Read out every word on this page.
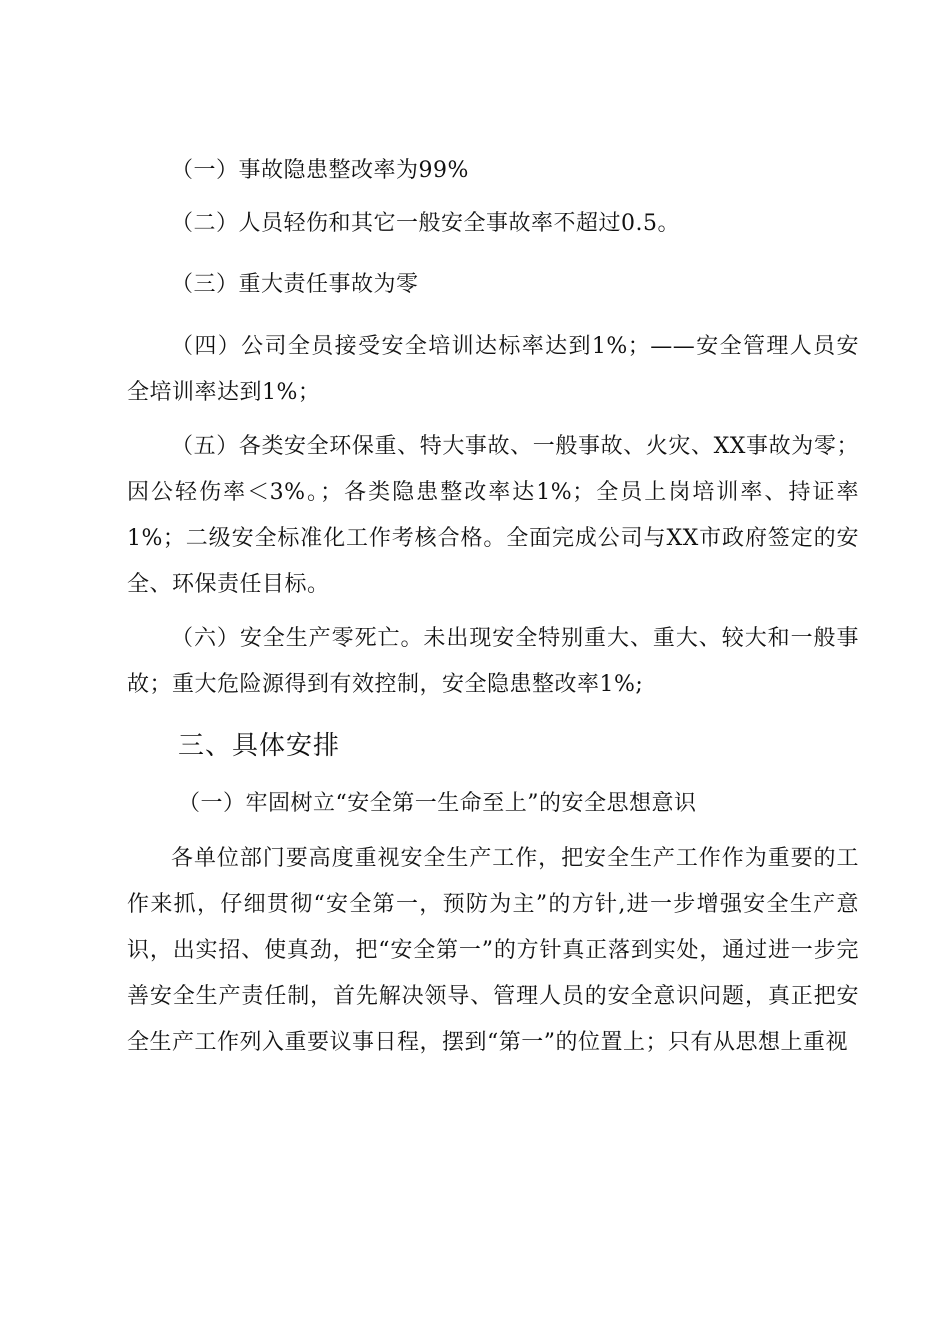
（一）事故隐患整改率为99%

（二）人员轻伤和其它一般安全事故率不超过0.5。

（三）重大责任事故为零

（四）公司全员接受安全培训达标率达到1%；——安全管理人员安全培训率达到1%；

（五）各类安全环保重、特大事故、一般事故、火灾、XX事故为零；因公轻伤率＜3%。；各类隐患整改率达1%；全员上岗培训率、持证率1%；二级安全标准化工作考核合格。全面完成公司与XX市政府签定的安全、环保责任目标。

（六）安全生产零死亡。未出现安全特别重大、重大、较大和一般事故；重大危险源得到有效控制，安全隐患整改率1%;

三、具体安排
（一）牢固树立“安全第一生命至上”的安全思想意识

各单位部门要高度重视安全生产工作，把安全生产工作作为重要的工作来抓，仔细贯彻“安全第一，预防为主”的方针,进一步增强安全生产意识，出实招、使真劲，把“安全第一”的方针真正落到实处，通过进一步完善安全生产责任制，首先解决领导、管理人员的安全意识问题，真正把安全生产工作列入重要议事日程，摆到“第一”的位置上；只有从思想上重视
